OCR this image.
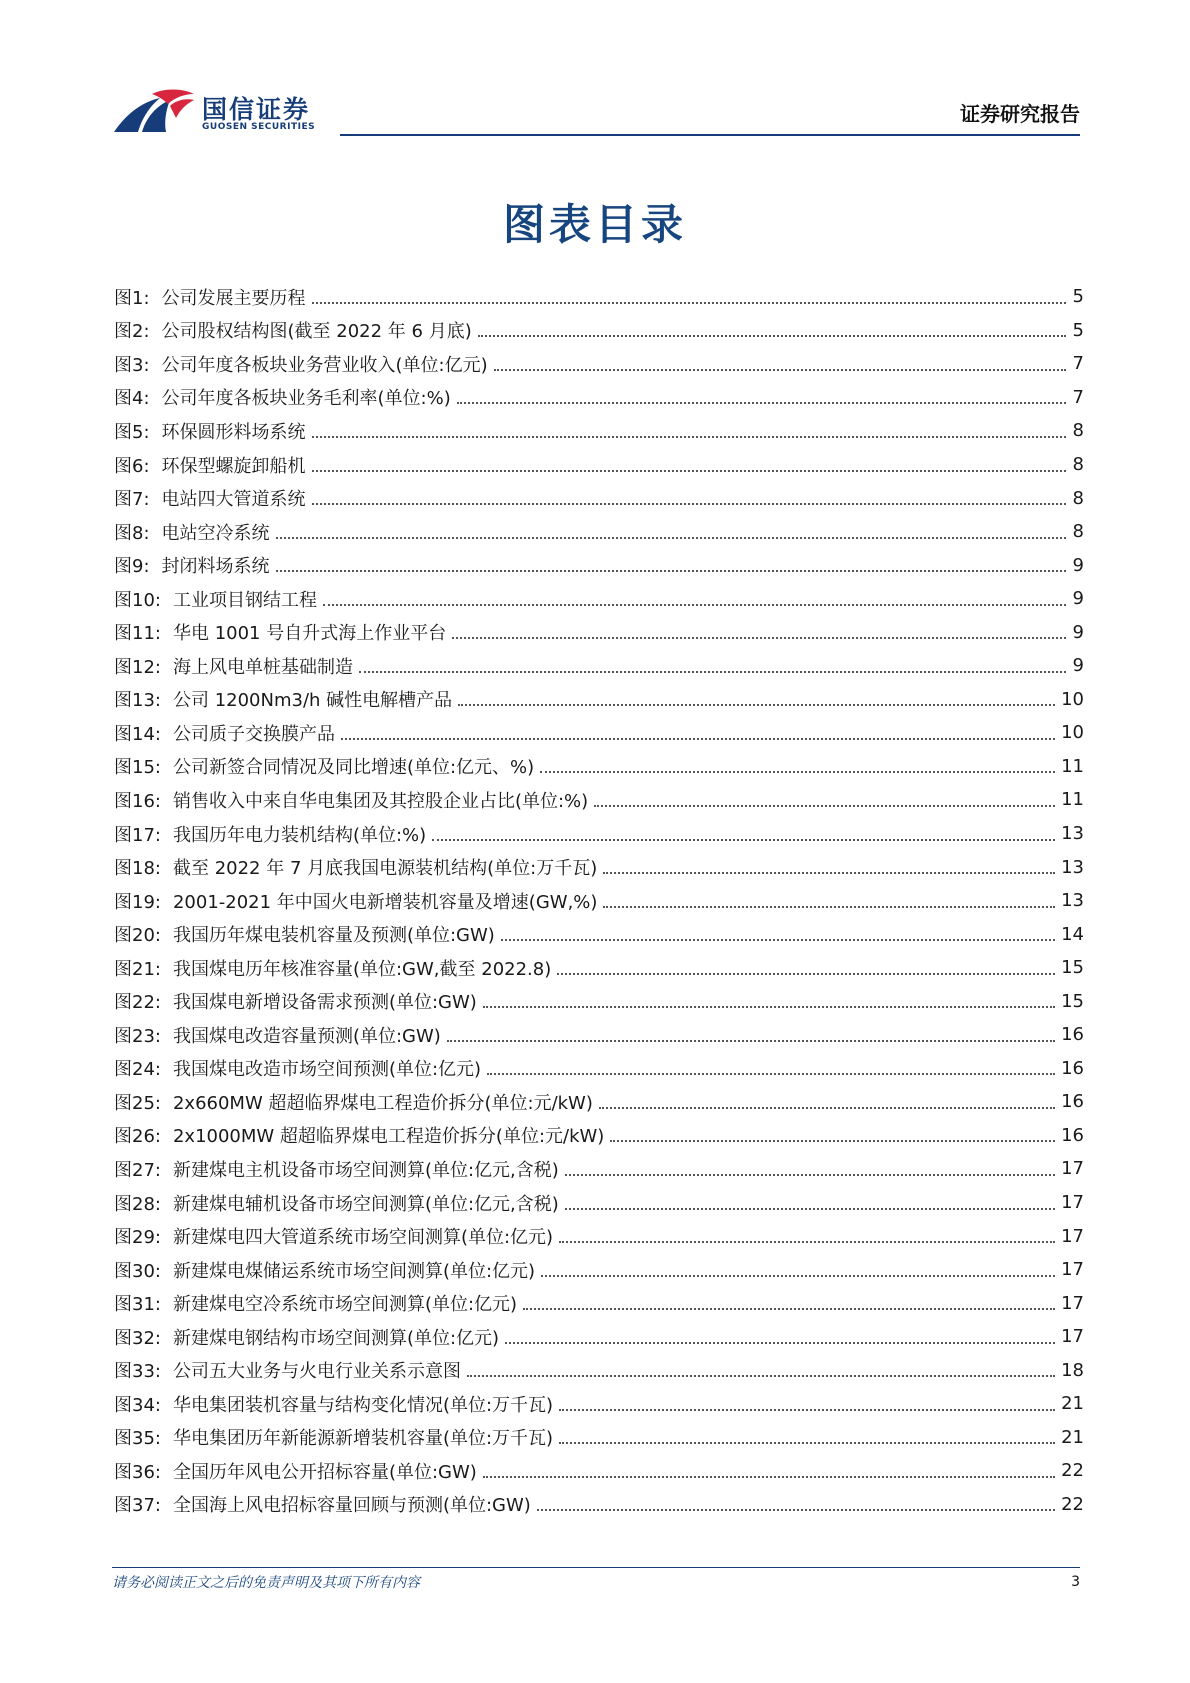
国信证券
GUOSEN SECURITIES
证券研究报告
图表目录
图1: 公司发展主要历程	5
图2: 公司股权结构图(截至 2022 年 6 月底)	5
图3: 公司年度各板块业务营业收入(单位:亿元)	7
图4: 公司年度各板块业务毛利率(单位:%)	7
图5: 环保圆形料场系统	8
图6: 环保型螺旋卸船机	8
图7: 电站四大管道系统	8
图8: 电站空冷系统	8
图9: 封闭料场系统	9
图10: 工业项目钢结工程	9
图11: 华电 1001 号自升式海上作业平台	9
图12: 海上风电单桩基础制造	9
图13: 公司 1200Nm3/h 碱性电解槽产品	10
图14: 公司质子交换膜产品	10
图15: 公司新签合同情况及同比增速(单位:亿元、%)	11
图16: 销售收入中来自华电集团及其控股企业占比(单位:%)	11
图17: 我国历年电力装机结构(单位:%)	13
图18: 截至 2022 年 7 月底我国电源装机结构(单位:万千瓦)	13
图19: 2001-2021 年中国火电新增装机容量及增速(GW,%)	13
图20: 我国历年煤电装机容量及预测(单位:GW)	14
图21: 我国煤电历年核准容量(单位:GW,截至 2022.8)	15
图22: 我国煤电新增设备需求预测(单位:GW)	15
图23: 我国煤电改造容量预测(单位:GW)	16
图24: 我国煤电改造市场空间预测(单位:亿元)	16
图25: 2x660MW 超超临界煤电工程造价拆分(单位:元/kW)	16
图26: 2x1000MW 超超临界煤电工程造价拆分(单位:元/kW)	16
图27: 新建煤电主机设备市场空间测算(单位:亿元,含税)	17
图28: 新建煤电辅机设备市场空间测算(单位:亿元,含税)	17
图29: 新建煤电四大管道系统市场空间测算(单位:亿元)	17
图30: 新建煤电煤储运系统市场空间测算(单位:亿元)	17
图31: 新建煤电空冷系统市场空间测算(单位:亿元)	17
图32: 新建煤电钢结构市场空间测算(单位:亿元)	17
图33: 公司五大业务与火电行业关系示意图	18
图34: 华电集团装机容量与结构变化情况(单位:万千瓦)	21
图35: 华电集团历年新能源新增装机容量(单位:万千瓦)	21
图36: 全国历年风电公开招标容量(单位:GW)	22
图37: 全国海上风电招标容量回顾与预测(单位:GW)	22
请务必阅读正文之后的免责声明及其项下所有内容	3
